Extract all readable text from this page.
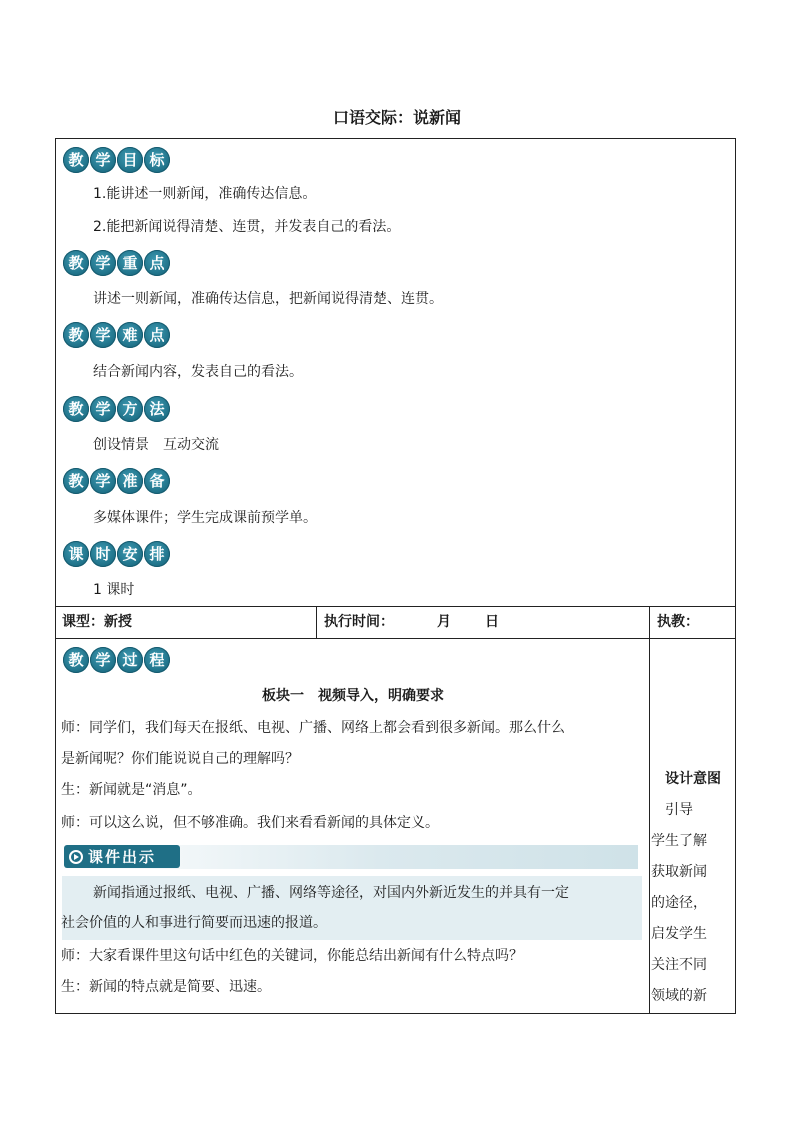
口语交际：说新闻
教 学 目 标
1.能讲述一则新闻，准确传达信息。
2.能把新闻说得清楚、连贯，并发表自己的看法。
教 学 重 点
讲述一则新闻，准确传达信息，把新闻说得清楚、连贯。
教 学 难 点
结合新闻内容，发表自己的看法。
教 学 方 法
创设情景　互动交流
教 学 准 备
多媒体课件；学生完成课前预学单。
课 时 安 排
1 课时
课型：新授	执行时间：	月 日	执教：
教 学 过 程
板块一　视频导入，明确要求
师：同学们，我们每天在报纸、电视、广播、网络上都会看到很多新闻。那么什么
是新闻呢？你们能说说自己的理解吗？
生：新闻就是“消息”。
师：可以这么说，但不够准确。我们来看看新闻的具体定义。
课件出示
新闻指通过报纸、电视、广播、网络等途径，对国内外新近发生的并具有一定
社会价值的人和事进行简要而迅速的报道。
师：大家看课件里这句话中红色的关键词，你能总结出新闻有什么特点吗？
生：新闻的特点就是简要、迅速。
设计意图
　引导
学生了解
获取新闻
的途径，
启发学生
关注不同
领域的新
